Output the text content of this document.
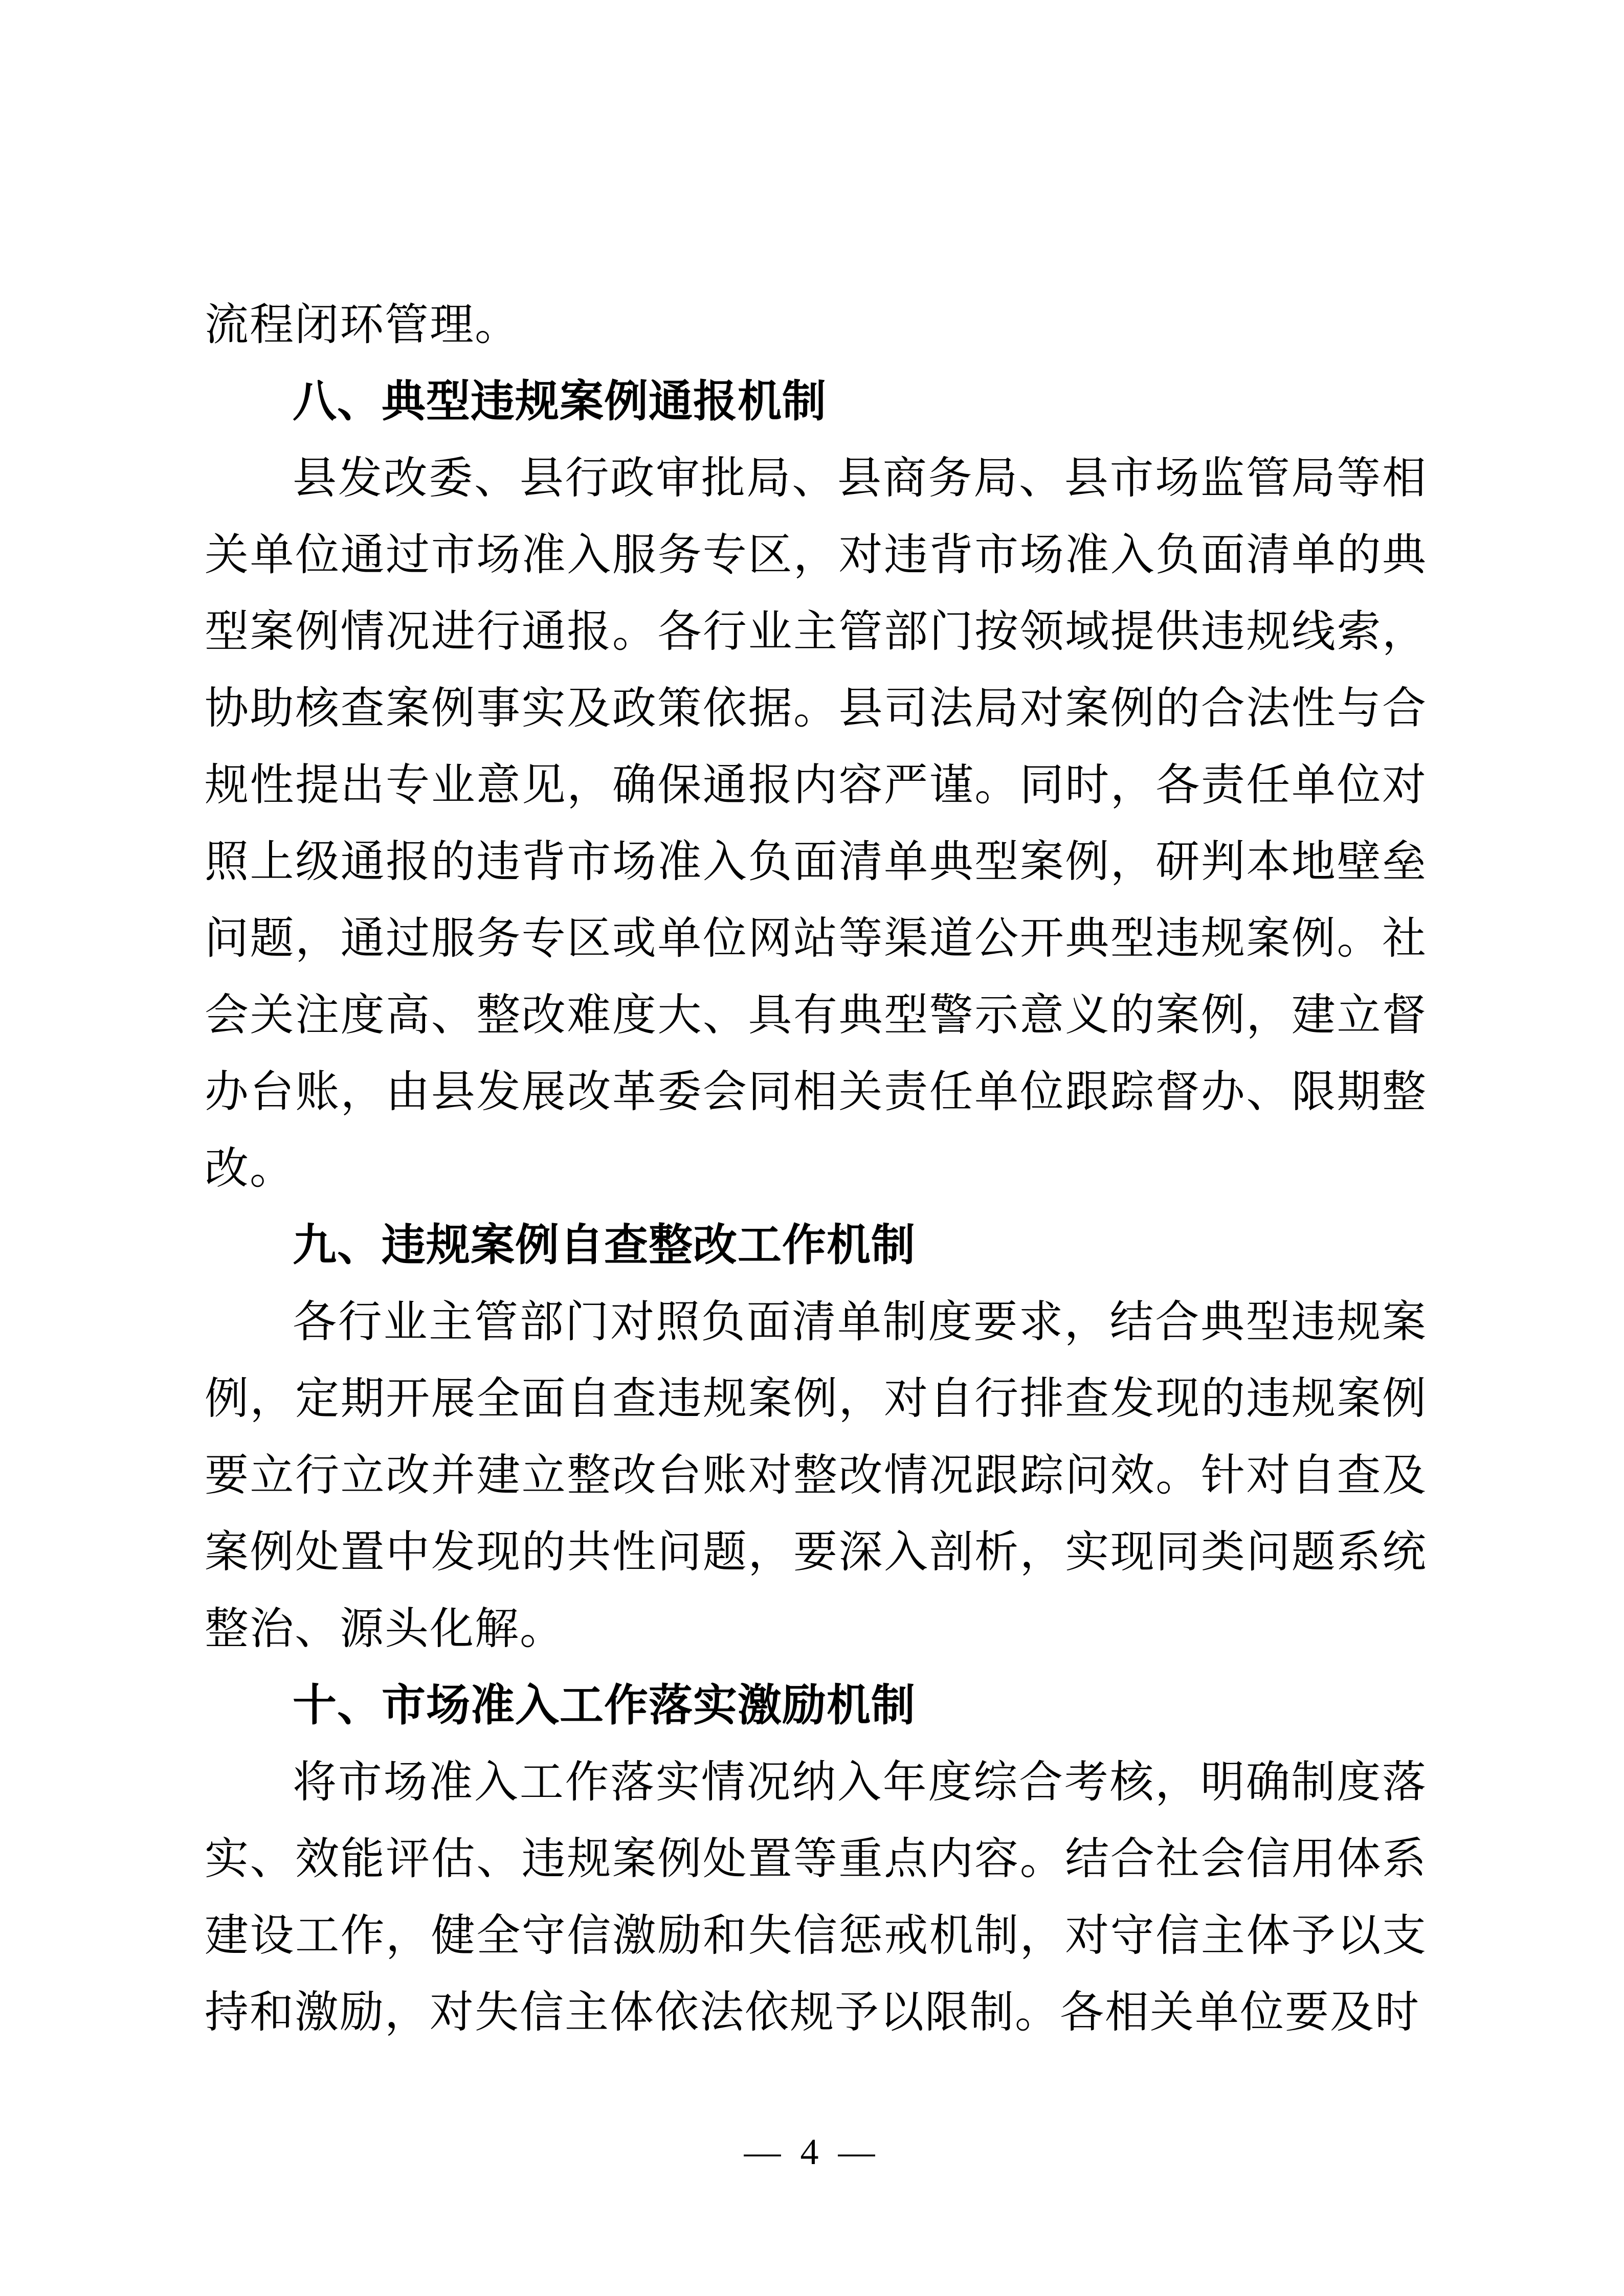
流程闭环管理。

八、典型违规案例通报机制

县发改委、县行政审批局、县商务局、县市场监管局等相关单位通过市场准入服务专区，对违背市场准入负面清单的典型案例情况进行通报。各行业主管部门按领域提供违规线索，协助核查案例事实及政策依据。县司法局对案例的合法性与合规性提出专业意见，确保通报内容严谨。同时，各责任单位对照上级通报的违背市场准入负面清单典型案例，研判本地壁垒问题，通过服务专区或单位网站等渠道公开典型违规案例。社会关注度高、整改难度大、具有典型警示意义的案例，建立督办台账，由县发展改革委会同相关责任单位跟踪督办、限期整改。

九、违规案例自查整改工作机制

各行业主管部门对照负面清单制度要求，结合典型违规案例，定期开展全面自查违规案例，对自行排查发现的违规案例要立行立改并建立整改台账对整改情况跟踪问效。针对自查及案例处置中发现的共性问题，要深入剖析，实现同类问题系统整治、源头化解。

十、市场准入工作落实激励机制

将市场准入工作落实情况纳入年度综合考核，明确制度落实、效能评估、违规案例处置等重点内容。结合社会信用体系建设工作，健全守信激励和失信惩戒机制，对守信主体予以支持和激励，对失信主体依法依规予以限制。各相关单位要及时

— 4 —
